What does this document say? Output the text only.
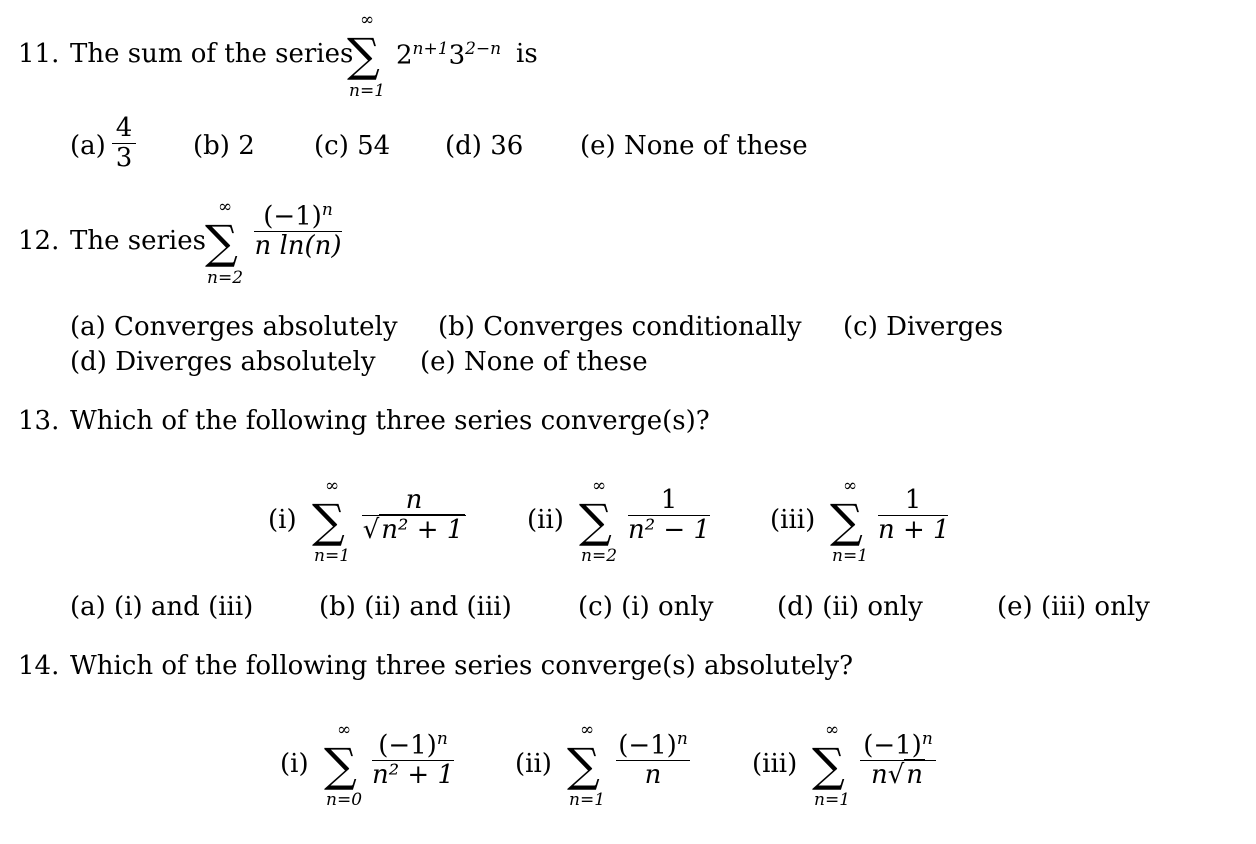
11. The sum of the series
∞
∑
n=1
$2^{n+1}3^{2-n}$ is
(a)
4
3 (b) 2 (c) 54 (d) 36 (e) None of these
12. The series
∞
∑
n=2
$(-1)^n$
n ln(n)
(a) Converges absolutely (b) Converges conditionally (c) Diverges
(d) Diverges absolutely (e) None of these
13. Which of the following three series converge(s)?
(i)
∞
∑
n=1
n
√n² + 1 (ii)
∞
∑
n=2
1
n² − 1 (iii)
∞
∑
n=1
1
n + 1
(a) (i) and (iii)	(b) (ii) and (iii)	(c) (i) only (d) (ii) only	(e) (iii) only
14. Which of the following three series converge(s) absolutely?
(i)
∞
∑
n=0
$(-1)^n$
n² + 1 (ii)
∞
∑
n=1
$(-1)^n$
n	(iii)
∞
∑
n=1
$(-1)^n$
n√n
